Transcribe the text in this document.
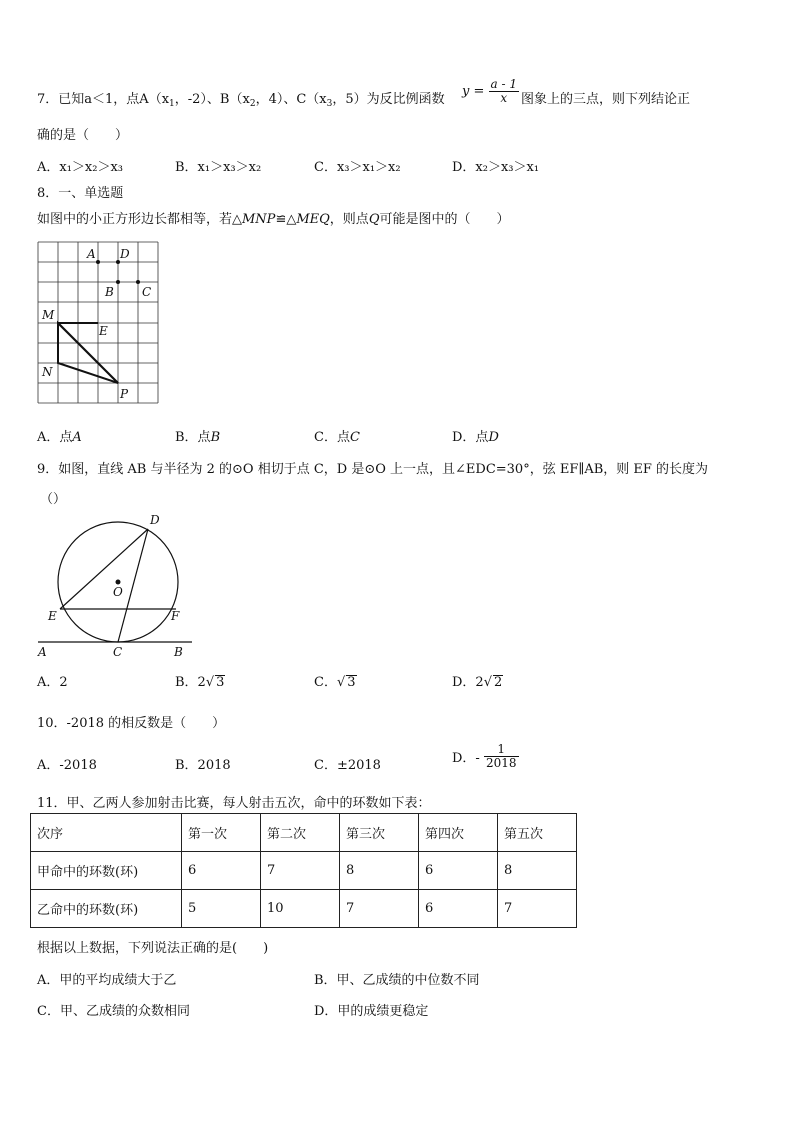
7．已知a＜1，点$A(x_1$，-2）、$B(x_2$，4）、$C(x_3$，5）为反比例函数
$y = \frac{a - 1}{x}$ 图象上的三点，则下列结论正
确的是（　　）
A．x₁＞x₂＞x₃	B．x₁＞x₃＞x₂	C．x₃＞x₁＞x₂	D．x₂＞x₃＞x₁
8．一、单选题
如图中的小正方形边长都相等，若△MNP≌△MEQ，则点Q可能是图中的（　　）
A D
B C
M
E
N
P
A．点A	B．点B	C．点C	D．点D
9．如图，直线 AB 与半径为 2 的⊙O 相切于点 C，D 是⊙O 上一点，且∠EDC=30°，弦 EF∥AB，则 EF 的长度为
（）
D
O
E	F
A	C	B
A．2	B．2√ 3	C．√ 3	D．2√ 2
10．-2018 的相反数是（　　）
A．-2018	B．2018	C．±2018	D．- $\frac{1}{2018}$
11．甲、乙两人参加射击比赛，每人射击五次，命中的环数如下表：
次序	第一次	第二次	第三次	第四次	第五次
甲命中的环数(环)	6	7	8	6	8
乙命中的环数(环)	5	10	7	6	7
根据以上数据，下列说法正确的是(　　)
A．甲的平均成绩大于乙	B．甲、乙成绩的中位数不同
C．甲、乙成绩的众数相同	D．甲的成绩更稳定
